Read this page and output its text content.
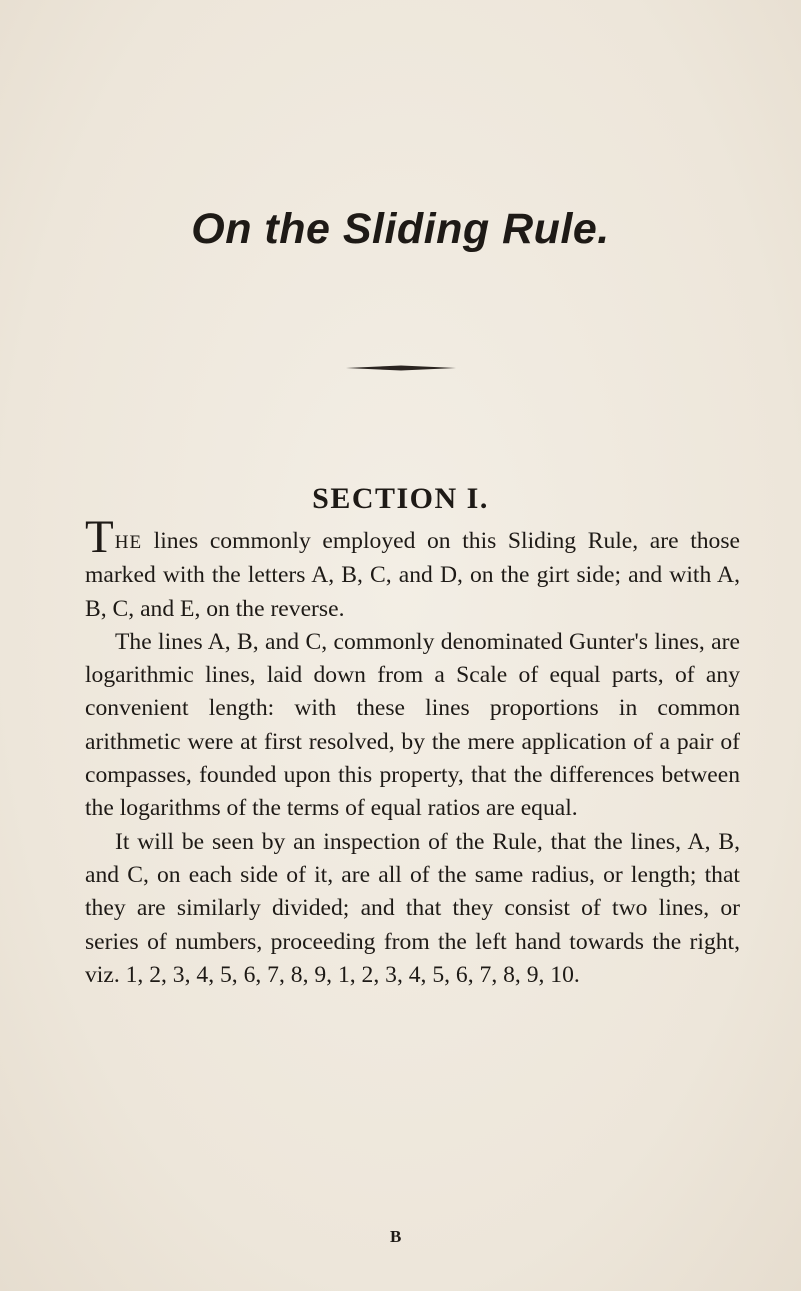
On the Sliding Rule.
SECTION I.

THE lines commonly employed on this Sliding Rule, are those marked with the letters A, B, C, and D, on the girt side; and with A, B, C, and E, on the reverse.

The lines A, B, and C, commonly denominated Gunter's lines, are logarithmic lines, laid down from a Scale of equal parts, of any convenient length: with these lines proportions in common arithmetic were at first resolved, by the mere application of a pair of compasses, founded upon this property, that the differences between the logarithms of the terms of equal ratios are equal.

It will be seen by an inspection of the Rule, that the lines, A, B, and C, on each side of it, are all of the same radius, or length; that they are similarly divided; and that they consist of two lines, or series of numbers, proceeding from the left hand towards the right, viz. 1, 2, 3, 4, 5, 6, 7, 8, 9, 1, 2, 3, 4, 5, 6, 7, 8, 9, 10.

B
